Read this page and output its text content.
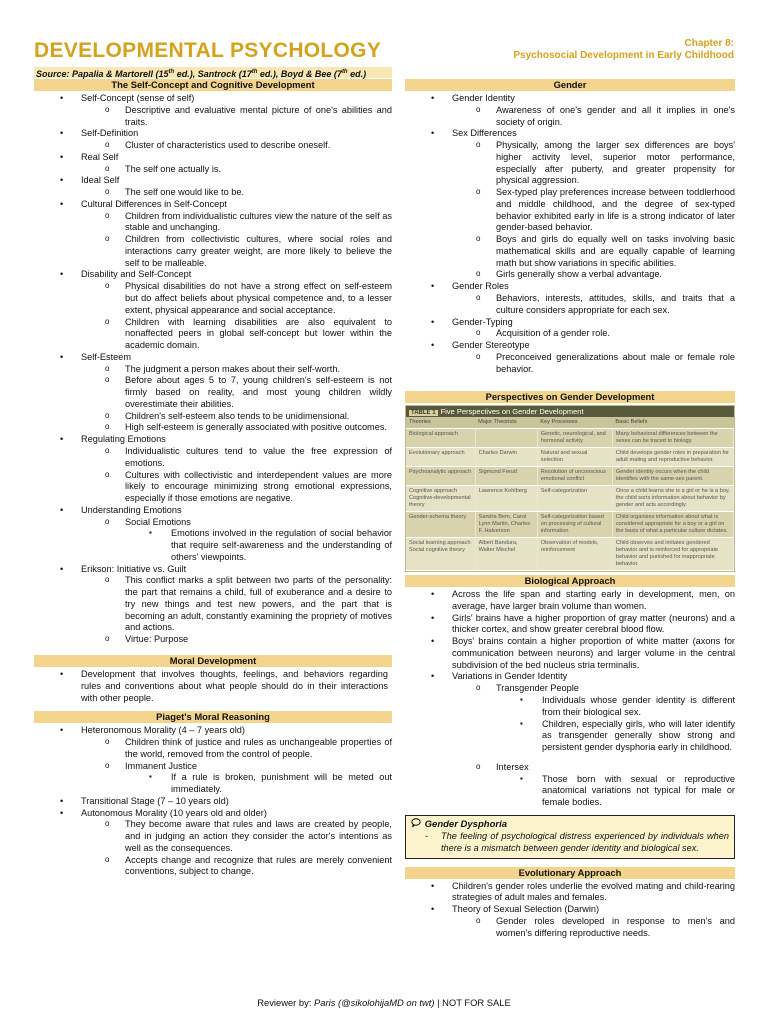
DEVELOPMENTAL PSYCHOLOGY	Chapter 8:
Psychosocial Development in Early Childhood
Source: Papalia & Martorell (15th ed.), Santrock (17th ed.), Boyd & Bee (7th ed.)
The Self-Concept and Cognitive Development
• Self-Concept (sense of self)
o Descriptive and evaluative mental picture of one's abilities and traits.
• Self-Definition
o Cluster of characteristics used to describe oneself.
• Real Self
o The self one actually is.
• Ideal Self
o The self one would like to be.
• Cultural Differences in Self-Concept
o Children from individualistic cultures view the nature of the self as stable and unchanging.
o Children from collectivistic cultures, where social roles and interactions carry greater weight, are more likely to believe the self to be malleable.
• Disability and Self-Concept
o Physical disabilities do not have a strong effect on self-esteem but do affect beliefs about physical competence and, to a lesser extent, physical appearance and social acceptance.
o Children with learning disabilities are also equivalent to nonaffected peers in global self-concept but lower within the academic domain.
• Self-Esteem
o The judgment a person makes about their self-worth.
o Before about ages 5 to 7, young children's self-esteem is not firmly based on reality, and most young children wildly overestimate their abilities.
o Children's self-esteem also tends to be unidimensional.
o High self-esteem is generally associated with positive outcomes.
• Regulating Emotions
o Individualistic cultures tend to value the free expression of emotions.
o Cultures with collectivistic and interdependent values are more likely to encourage minimizing strong emotional expressions, especially if those emotions are negative.
• Understanding Emotions
o Social Emotions
▪ Emotions involved in the regulation of social behavior that require self-awareness and the understanding of others' viewpoints.
• Erikson: Initiative vs. Guilt
o This conflict marks a split between two parts of the personality: the part that remains a child, full of exuberance and a desire to try new things and test new powers, and the part that is becoming an adult, constantly examining the propriety of motives and actions.
o Virtue: Purpose
Moral Development
• Development that involves thoughts, feelings, and behaviors regarding rules and conventions about what people should do in their interactions with other people.
Piaget's Moral Reasoning
• Heteronomous Morality (4 – 7 years old)
o Children think of justice and rules as unchangeable properties of the world, removed from the control of people.
o Immanent Justice
▪ If a rule is broken, punishment will be meted out immediately.
• Transitional Stage (7 – 10 years old)
• Autonomous Morality (10 years old and older)
o They become aware that rules and laws are created by people, and in judging an action they consider the actor's intentions as well as the consequences.
o Accepts change and recognize that rules are merely convenient conventions, subject to change.
Gender
• Gender Identity
o Awareness of one's gender and all it implies in one's society of origin.
• Sex Differences
o Physically, among the larger sex differences are boys' higher activity level, superior motor performance, especially after puberty, and greater propensity for physical aggression.
o Sex-typed play preferences increase between toddlerhood and middle childhood, and the degree of sex-typed behavior exhibited early in life is a strong indicator of later gender-based behavior.
o Boys and girls do equally well on tasks involving basic mathematical skills and are equally capable of learning math but show variations in specific abilities.
o Girls generally show a verbal advantage.
• Gender Roles
o Behaviors, interests, attitudes, skills, and traits that a culture considers appropriate for each sex.
• Gender-Typing
o Acquisition of a gender role.
• Gender Stereotype
o Preconceived generalizations about male or female role behavior.
Perspectives on Gender Development
TABLE 1 Five Perspectives on Gender Development
Theories	Major Theorists	Key Processes	Basic Beliefs
Biological approach		Genetic, neurological, and hormonal activity	Many behavioral differences between the sexes can be traced to biology.
Evolutionary approach	Charles Darwin	Natural and sexual selection	Child develops gender roles in preparation for adult mating and reproductive behavior.
Psychoanalytic approach	Sigmund Freud	Resolution of unconscious emotional conflict	Gender identity occurs when the child identifies with the same-sex parent.
Cognitive approach Cognitive-developmental theory	Lawrence Kohlberg	Self-categorization	Once a child learns she is a girl or he is a boy, the child sorts information about behavior by gender and acts accordingly.
Gender-schema theory	Sandra Bem, Carol Lynn Martin, Charles F. Halverson	Self-categorization based on processing of cultural information	Child organizes information about what is considered appropriate for a boy or a girl on the basis of what a particular culture dictates.
Social learning approach Social cognitive theory	Albert Bandura, Walter Mischel	Observation of models, reinforcement	Child observes and imitates gendered behavior and is reinforced for appropriate behavior and punished for inappropriate behavior.
Biological Approach
• Across the life span and starting early in development, men, on average, have larger brain volume than women.
• Girls' brains have a higher proportion of gray matter (neurons) and a thicker cortex, and show greater cerebral blood flow.
• Boys' brains contain a higher proportion of white matter (axons for communication between neurons) and larger volume in the central subdivision of the bed nucleus stria terminalis.
• Variations in Gender Identity
o Transgender People
▪ Individuals whose gender identity is different from their biological sex.
▪ Children, especially girls, who will later identify as transgender generally show strong and persistent gender dysphoria early in childhood.
o Intersex
▪ Those born with sexual or reproductive anatomical variations not typical for male or female bodies.
Gender Dysphoria
- The feeling of psychological distress experienced by individuals when there is a mismatch between gender identity and biological sex.
Evolutionary Approach
• Children's gender roles underlie the evolved mating and child-rearing strategies of adult males and females.
• Theory of Sexual Selection (Darwin)
o Gender roles developed in response to men's and women's differing reproductive needs.
Reviewer by: Paris (@sikolohijaMD on twt) | NOT FOR SALE
